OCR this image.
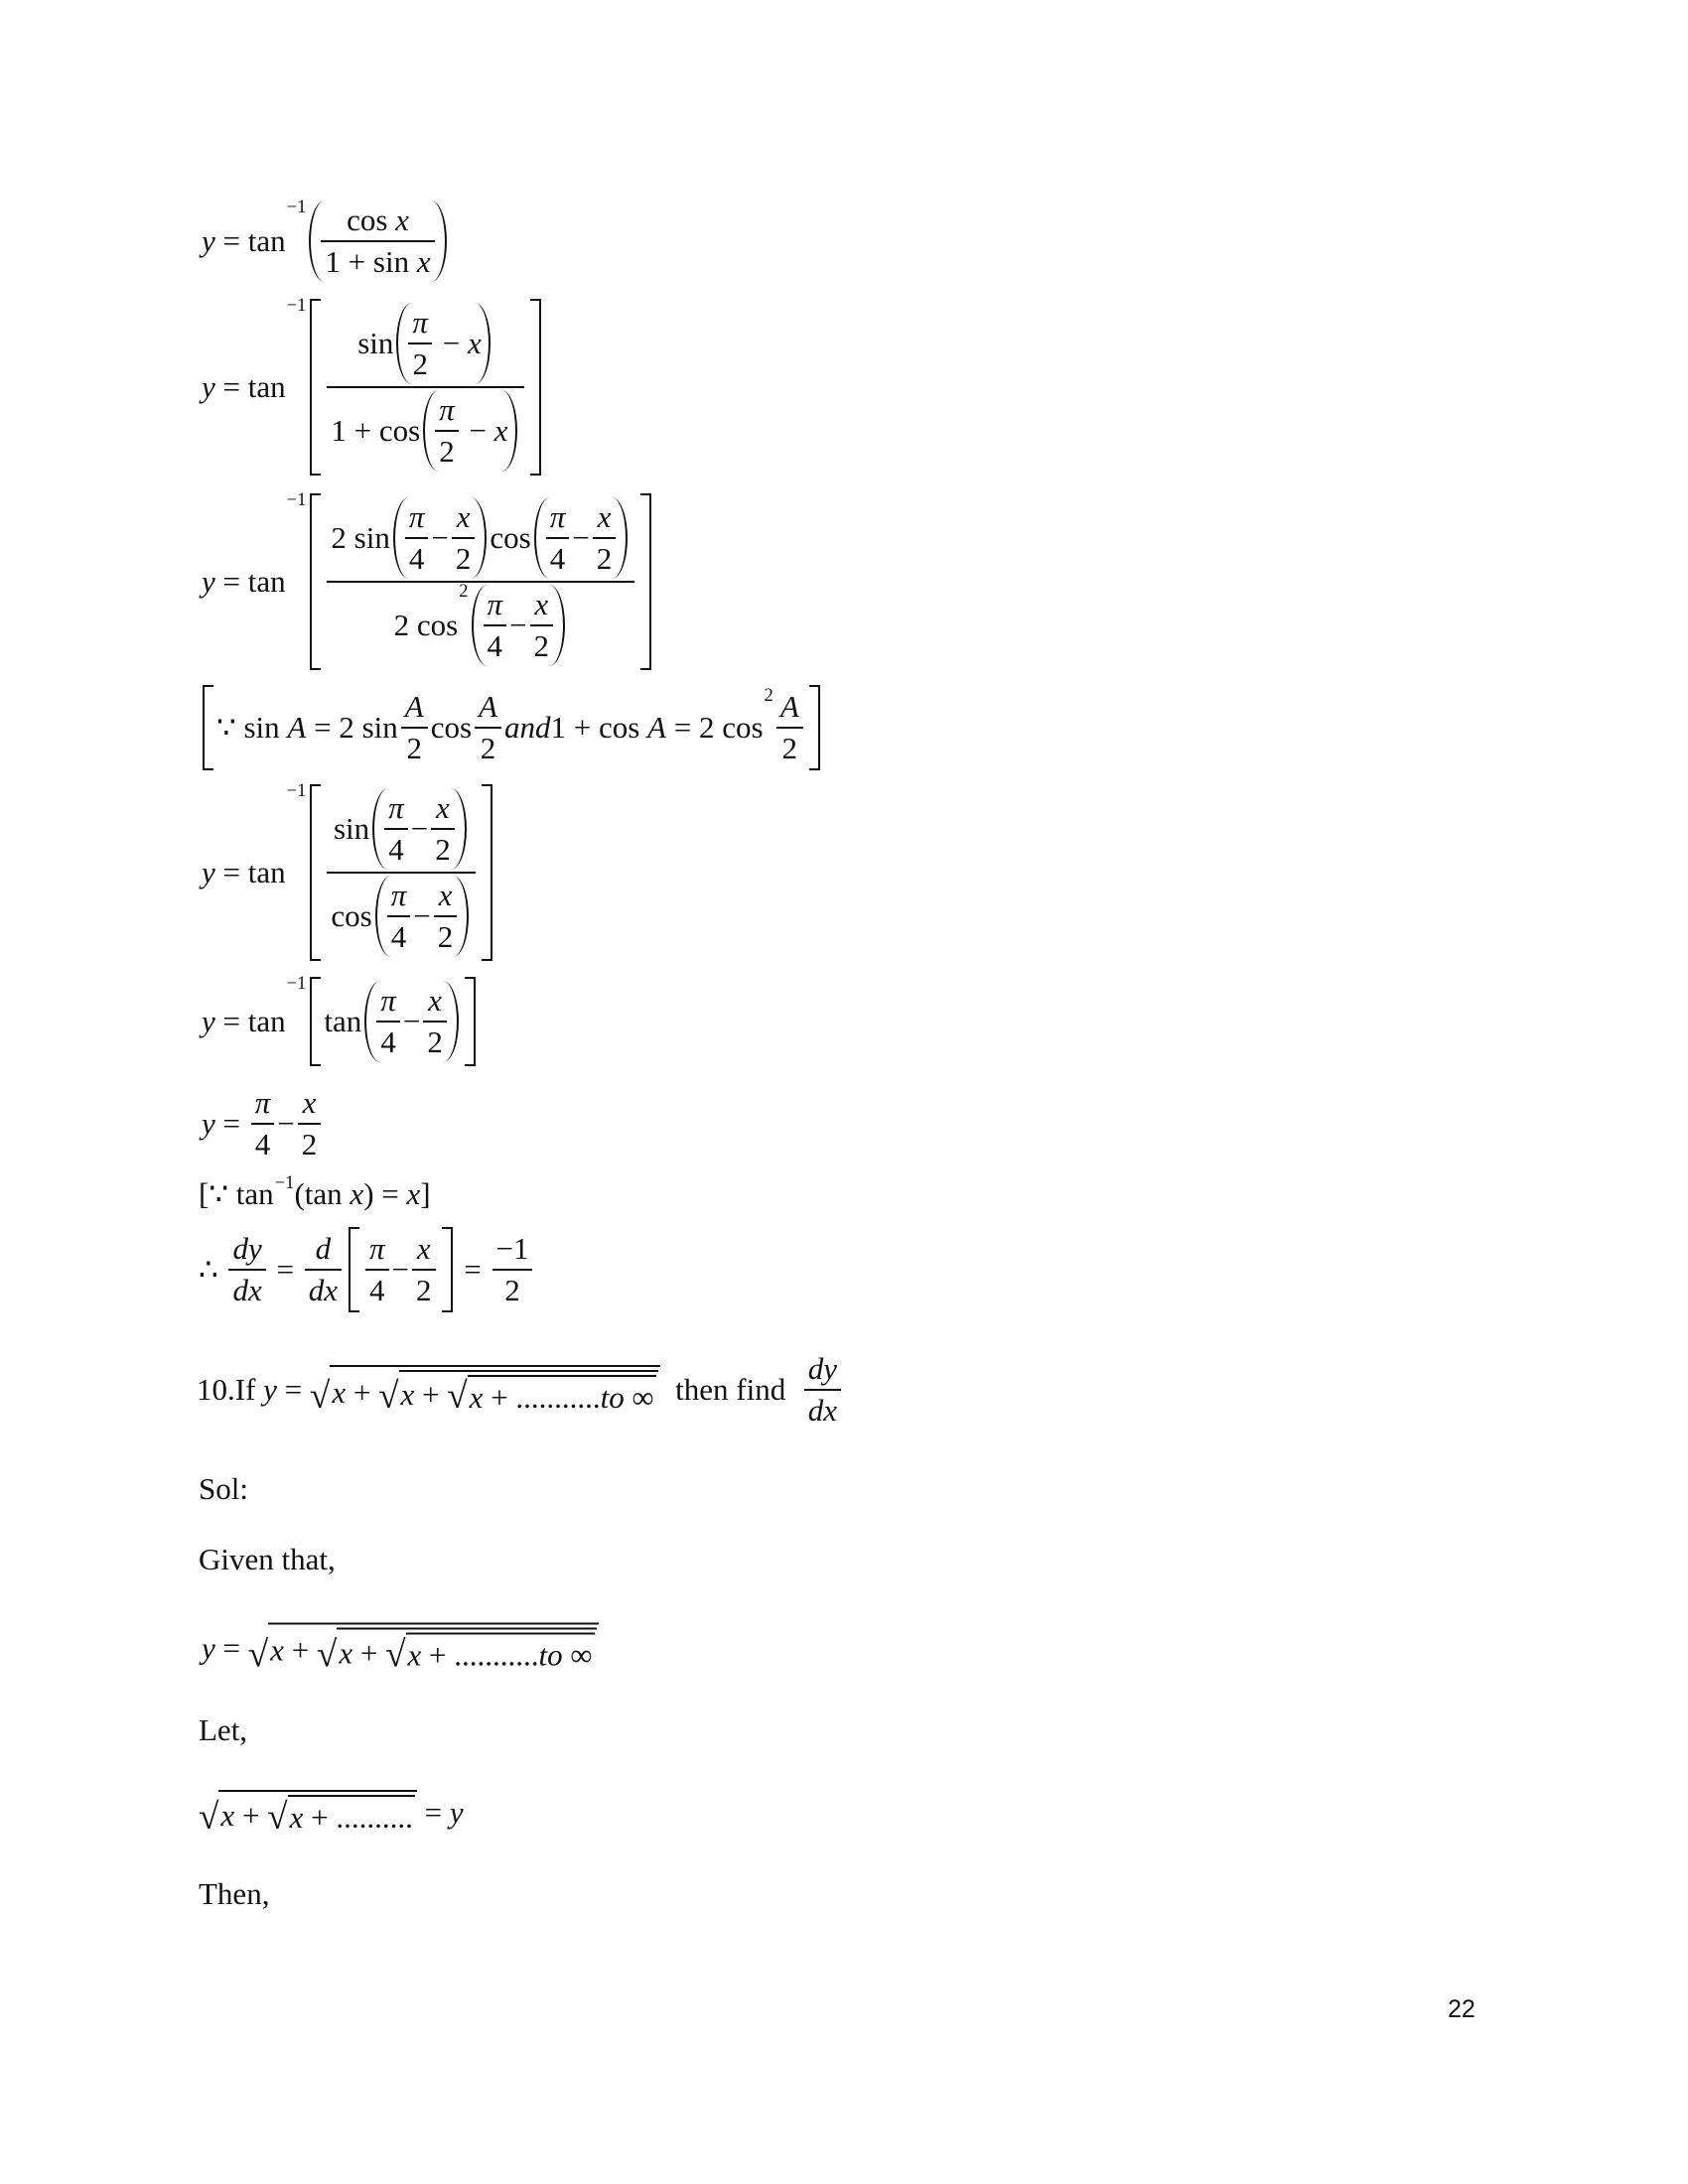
y = tan
$-1 \frac{\text{cos x}}{\text{1 + sin x}}$
y = tan
$-1 \frac{\sin \frac{\pi}{2} - x}{1 + \cos \frac{\pi}{2} - x}$
y = tan
−1 2 $\sin \frac{\pi}{4} - \frac{x}{2}$ $\cos \frac{\pi}{4} - \frac{x}{2}$
2 cos
$2 \frac{\pi}{4} - \frac{x}{2}$
∵ sin A = 2 $\sin \frac{A}{2}$ $\cos \frac{A}{2}$ and 1 + cos A = 2 cos
$2 \frac{A}{2}$
y = tan
$-1 \frac{\sin \frac{\pi}{4} - \frac{x}{2}}{\cos \frac{\pi}{4} - \frac{x}{2}}$
y = tan
−1
$\tan \frac{\pi}{4} - \frac{x}{2}$
$y = \frac{\pi}{4} - \frac{x}{2}$
[∵ tan −1 (tan x ) = x ]
∴ $\frac{dy}{dx} = \frac{d}{dx} \frac{\pi}{4} - \frac{x}{2} = \frac{-1}{2}$
10.If y = √ x + √ x + √ x + ........... to ∞ then find $\frac{dy}{dx}$
Sol:
Given that,
y = √ x + √ x + √ x + ........... to ∞
Let,
√ x + √ x + .......... = y
Then,
22
